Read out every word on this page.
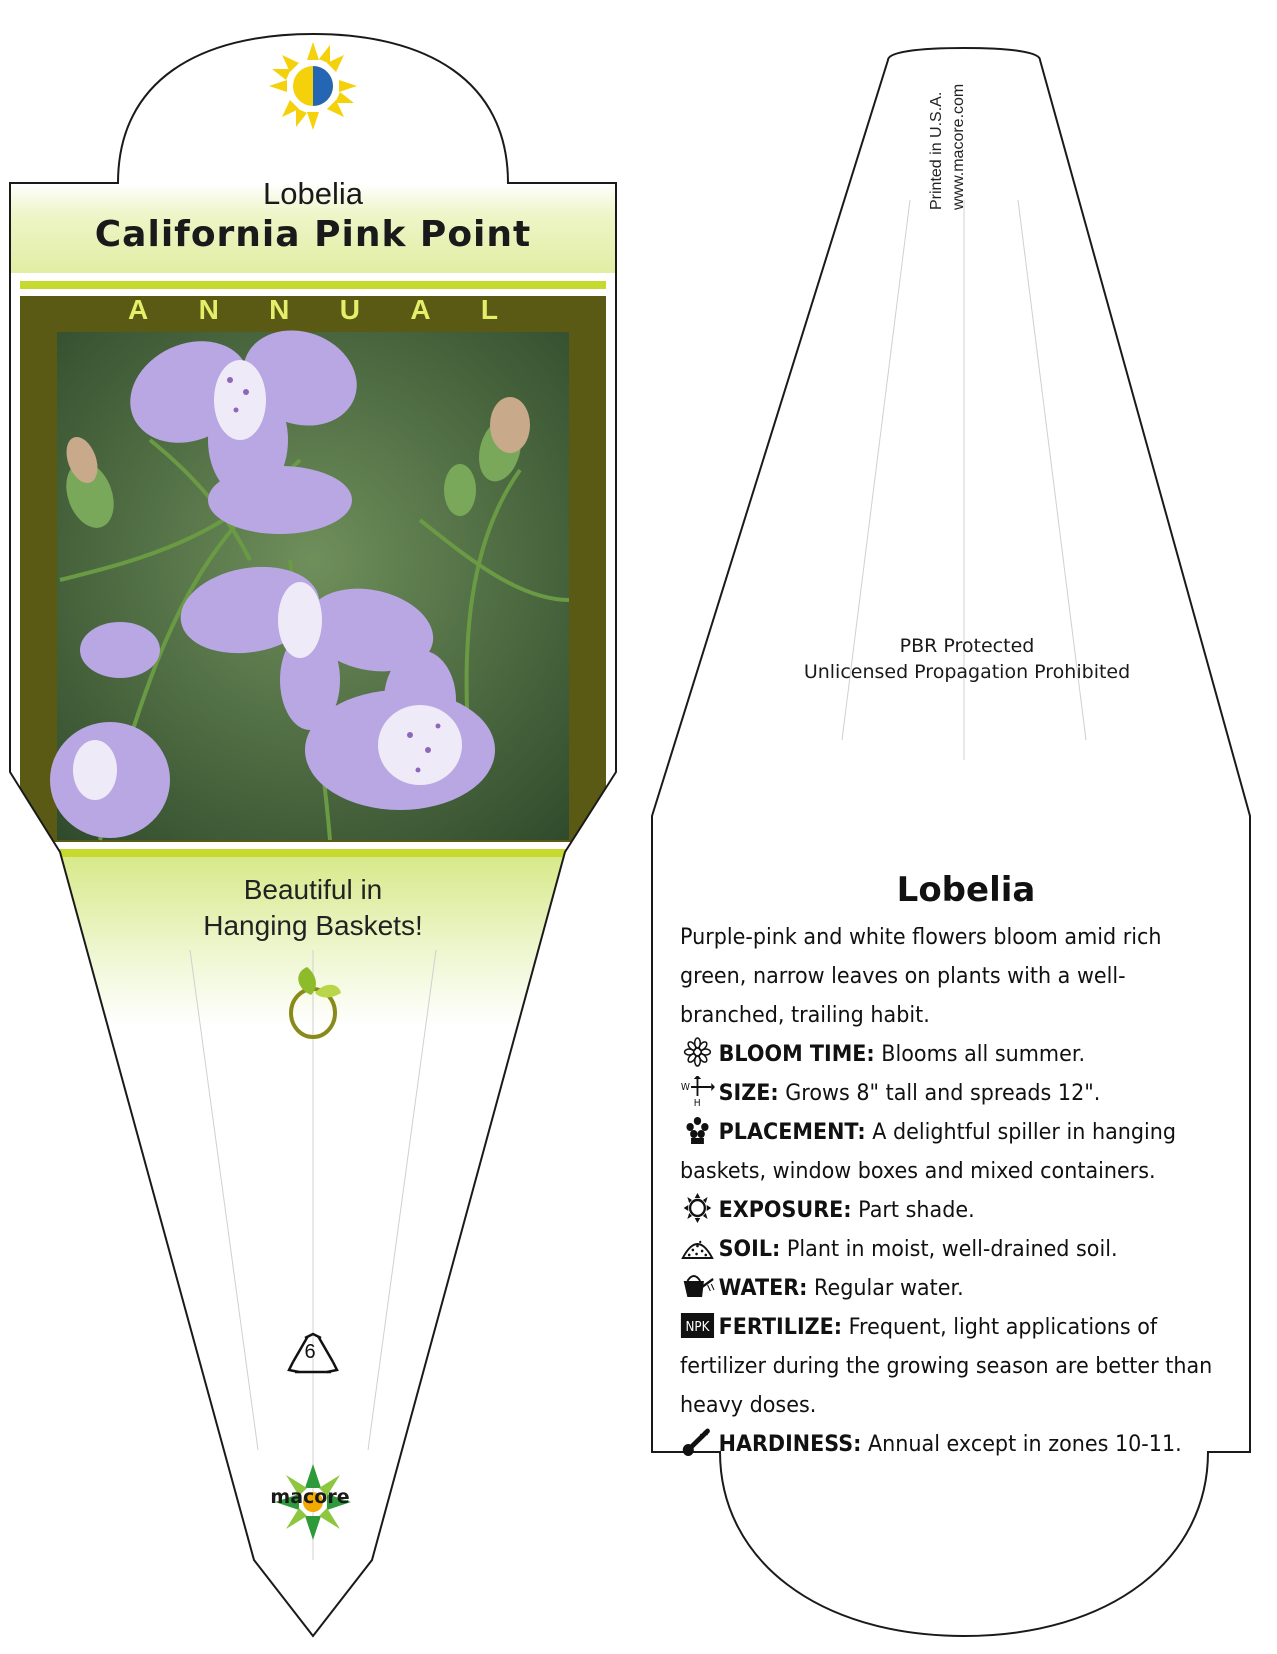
Lobelia
California Pink Point
A N N U A L
Beautiful in
Hanging Baskets!
6
macore
Printed in U.S.A. www.macore.com
PBR Protected
Unlicensed Propagation Prohibited
Lobelia
Purple-pink and white flowers bloom amid rich green, narrow leaves on plants with a well-branched, trailing habit.
BLOOM TIME: Blooms all summer.
W
H SIZE: Grows 8" tall and spreads 12".
PLACEMENT: A delightful spiller in hanging baskets, window boxes and mixed containers.
EXPOSURE: Part shade.
SOIL: Plant in moist, well-drained soil.
WATER: Regular water.
NPK FERTILIZE: Frequent, light applications of fertilizer during the growing season are better than heavy doses.
HARDINESS: Annual except in zones 10-11.
